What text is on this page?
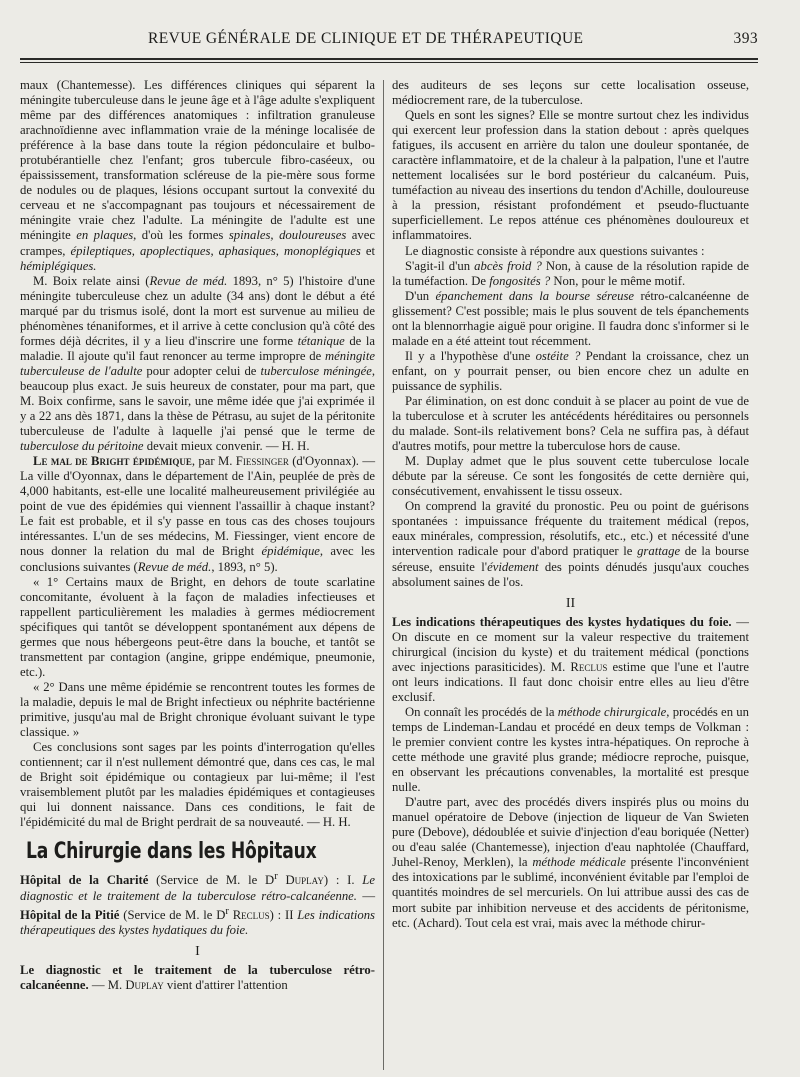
REVUE GÉNÉRALE DE CLINIQUE ET DE THÉRAPEUTIQUE	393

maux (Chantemesse). Les différences cliniques qui séparent la méningite tuberculeuse dans le jeune âge et à l'âge adulte s'expliquent même par des différences anatomiques : infiltration granuleuse arachnoïdienne avec inflammation vraie de la méninge localisée de préférence à la base dans toute la région pédonculaire et bulbo-protubérantielle chez l'enfant; gros tubercule fibro-caséeux, ou épaississement, transformation scléreuse de la pie-mère sous forme de nodules ou de plaques, lésions occupant surtout la convexité du cerveau et ne s'accompagnant pas toujours et nécessairement de méningite vraie chez l'adulte. La méningite de l'adulte est une méningite en plaques, d'où les formes spinales, douloureuses avec crampes, épileptiques, apoplectiques, aphasiques, monoplégiques et hémiplégiques.

M. Boix relate ainsi (Revue de méd. 1893, n° 5) l'histoire d'une méningite tuberculeuse chez un adulte (34 ans) dont le début a été marqué par du trismus isolé, dont la mort est survenue au milieu de phénomènes ténaniformes, et il arrive à cette conclusion qu'à côté des formes déjà décrites, il y a lieu d'inscrire une forme tétanique de la maladie. Il ajoute qu'il faut renoncer au terme impropre de méningite tuberculeuse de l'adulte pour adopter celui de tuberculose méningée, beaucoup plus exact. Je suis heureux de constater, pour ma part, que M. Boix confirme, sans le savoir, une même idée que j'ai exprimée il y a 22 ans dès 1871, dans la thèse de Pétrasu, au sujet de la péritonite tuberculeuse de l'adulte à laquelle j'ai pensé que le terme de tuberculose du péritoine devait mieux convenir. — H. H.

Le mal de Bright épidémique, par M. Fiessinger (d'Oyonnax). — La ville d'Oyonnax, dans le département de l'Ain, peuplée de près de 4,000 habitants, est-elle une localité malheureusement privilégiée au point de vue des épidémies qui viennent l'assaillir à chaque instant? Le fait est probable, et il s'y passe en tous cas des choses toujours intéressantes. L'un de ses médecins, M. Fiessinger, vient encore de nous donner la relation du mal de Bright épidémique, avec les conclusions suivantes (Revue de méd., 1893, n° 5).

« 1° Certains maux de Bright, en dehors de toute scarlatine concomitante, évoluent à la façon de maladies infectieuses et rappellent particulièrement les maladies à germes médiocrement spécifiques qui tantôt se développent spontanément aux dépens de germes que nous hébergeons peut-être dans la bouche, et tantôt se transmettent par contagion (angine, grippe endémique, pneumonie, etc.).

« 2° Dans une même épidémie se rencontrent toutes les formes de la maladie, depuis le mal de Bright infectieux ou néphrite bactérienne primitive, jusqu'au mal de Bright chronique évoluant suivant le type classique. »

Ces conclusions sont sages par les points d'interrogation qu'elles contiennent; car il n'est nullement démontré que, dans ces cas, le mal de Bright soit épidémique ou contagieux par lui-même; il l'est vraisemblement plutôt par les maladies épidémiques et contagieuses qui lui donnent naissance. Dans ces conditions, le fait de l'épidémicité du mal de Bright perdrait de sa nouveauté. — H. H.

La Chirurgie dans les Hôpitaux

Hôpital de la Charité (Service de M. le $D^r$ Duplay) : I. Le diagnostic et le traitement de la tuberculose rétro-calcanéenne. — Hôpital de la Pitié (Service de M. le $D^r$ Reclus) : II Les indications thérapeutiques des kystes hydatiques du foie.

I

Le diagnostic et le traitement de la tuberculose rétro-calcanéenne. — M. Duplay vient d'attirer l'attention

des auditeurs de ses leçons sur cette localisation osseuse, médiocrement rare, de la tuberculose.

Quels en sont les signes? Elle se montre surtout chez les individus qui exercent leur profession dans la station debout : après quelques fatigues, ils accusent en arrière du talon une douleur spontanée, de caractère inflammatoire, et de la chaleur à la palpation, l'une et l'autre nettement localisées sur le bord postérieur du calcanéum. Puis, tuméfaction au niveau des insertions du tendon d'Achille, douloureuse à la pression, résistant profondément et pseudo-fluctuante superficiellement. Le repos atténue ces phénomènes douloureux et inflammatoires.

Le diagnostic consiste à répondre aux questions suivantes :

S'agit-il d'un abcès froid ? Non, à cause de la résolution rapide de la tuméfaction. De fongosités ? Non, pour le même motif.

D'un épanchement dans la bourse séreuse rétro-calcanéenne de glissement? C'est possible; mais le plus souvent de tels épanchements ont la blennorrhagie aiguë pour origine. Il faudra donc s'informer si le malade en a été atteint tout récemment.

Il y a l'hypothèse d'une ostéite ? Pendant la croissance, chez un enfant, on y pourrait penser, ou bien encore chez un adulte en puissance de syphilis.

Par élimination, on est donc conduit à se placer au point de vue de la tuberculose et à scruter les antécédents héréditaires ou personnels du malade. Sont-ils relativement bons? Cela ne suffira pas, à défaut d'autres motifs, pour mettre la tuberculose hors de cause.

M. Duplay admet que le plus souvent cette tuberculose locale débute par la séreuse. Ce sont les fongosités de cette dernière qui, consécutivement, envahissent le tissu osseux.

On comprend la gravité du pronostic. Peu ou point de guérisons spontanées : impuissance fréquente du traitement médical (repos, eaux minérales, compression, résolutifs, etc., etc.) et nécessité d'une intervention radicale pour d'abord pratiquer le grattage de la bourse séreuse, ensuite l'évidement des points dénudés jusqu'aux couches absolument saines de l'os.

II

Les indications thérapeutiques des kystes hydatiques du foie. — On discute en ce moment sur la valeur respective du traitement chirurgical (incision du kyste) et du traitement médical (ponctions avec injections parasiticides). M. Reclus estime que l'une et l'autre ont leurs indications. Il faut donc choisir entre elles au lieu d'être exclusif.

On connaît les procédés de la méthode chirurgicale, procédés en un temps de Lindeman-Landau et procédé en deux temps de Volkman : le premier convient contre les kystes intra-hépatiques. On reproche à cette méthode une gravité plus grande; médiocre reproche, puisque, en observant les précautions convenables, la mortalité est presque nulle.

D'autre part, avec des procédés divers inspirés plus ou moins du manuel opératoire de Debove (injection de liqueur de Van Swieten pure (Debove), dédoublée et suivie d'injection d'eau boriquée (Netter) ou d'eau salée (Chantemesse), injection d'eau naphtolée (Chauffard, Juhel-Renoy, Merklen), la méthode médicale présente l'inconvénient des intoxications par le sublimé, inconvénient évitable par l'emploi de quantités moindres de sel mercuriels. On lui attribue aussi des cas de mort subite par inhibition nerveuse et des accidents de péritonisme, etc. (Achard). Tout cela est vrai, mais avec la méthode chirur-
